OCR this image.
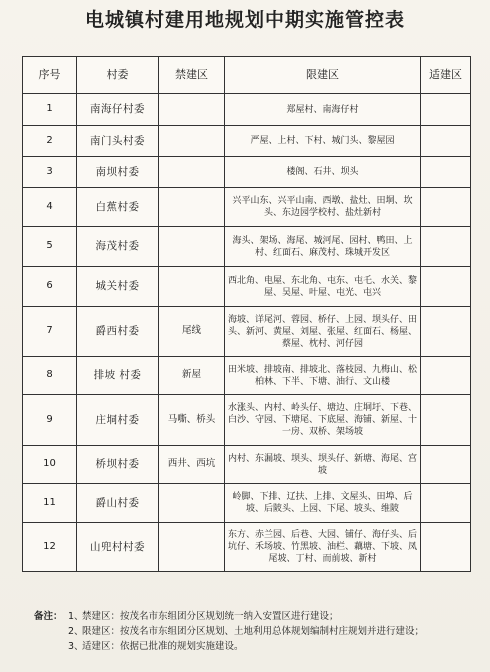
电城镇村建用地规划中期实施管控表
序号	村委	禁建区	限建区	适建区
1	南海仔村委		郑屋村、南海仔村	
2	南门头村委		严屋、上村、下村、城门头、黎屋园	
3	南坝村委		楼阁、石井、坝头	
4	白蕉村委		兴平山东、兴平山南、西墩、盐灶、田垌、坎头、东边园学校村、盐灶新村	
5	海茂村委		海头、架场、海尾、城河尾、园村、鸭田、上村、红面石、麻茂村、珠城开发区	
6	城关村委		西北角、电屋、东北角、屯东、屯乇、水关、黎屋、吴屋、叶屋、屯光、屯兴	
7	爵西村委	尾线	海坡、详尾河、蓉园、桥仔、上园、坝头仔、田头、新河、黄屋、刘屋、张屋、红面石、杨屋、蔡屋、枕村、河仔园	
8	排坡 村委	新屋	田米坡、排坡南、排坡北、落枝园、九梅山、松柏林、下半、下塘、油行、文山楼	
9	庄垌村委	马嘶、桥头	水涨头、内村、岭头仔、塘边、庄垌圩、下巷、白沙、守园、下塘尾、下底屋、海铺、新屋、十一房、双桥、架场坡	
10	桥坝村委	西井、西坑	内村、东漏坡、坝头、坝头仔、新塘、海尾、宫坡	
11	爵山村委		岭脚、下排、辽扶、上排、文屋头、田埠、后坡、后陂头、上园、下尾、坡头、维陂	
12	山兜村村委		东方、赤兰园、后巷、大园、铺仔、海仔头、后坑仔、禾场坡、竹黑坡、油栏、藕塘、下坡、凤尾坡、丁村、而前坡、新村	
备注： 1、
禁建区：按茂名市东组团分区规划统一纳入安置区进行建设；
2、
限建区：按茂名市东组团分区规划、土地利用总体规划编制村庄规划并进行建设；
3、
适建区：依据已批准的规划实施建设。
